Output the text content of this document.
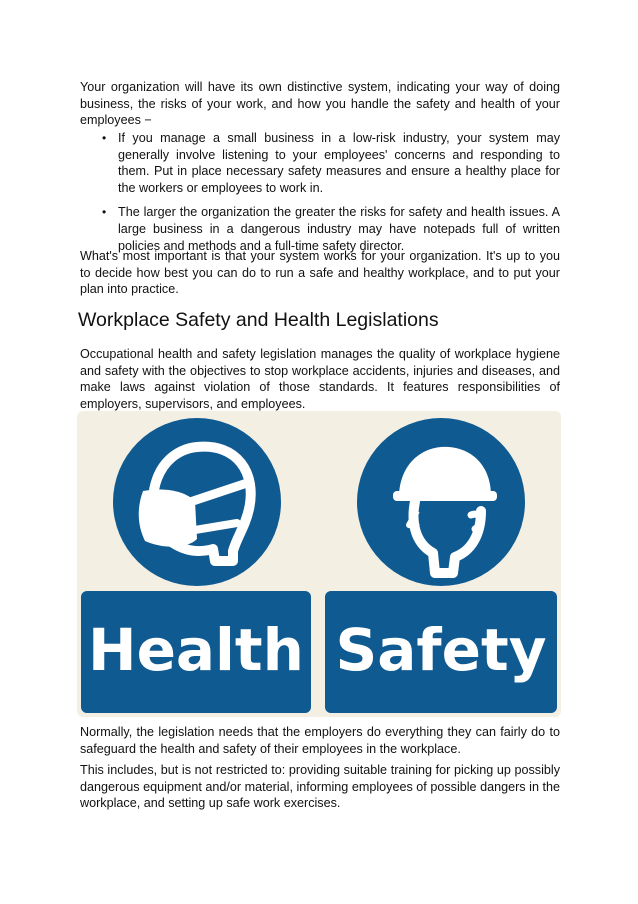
Your organization will have its own distinctive system, indicating your way of doing business, the risks of your work, and how you handle the safety and health of your employees −

• If you manage a small business in a low-risk industry, your system may generally involve listening to your employees' concerns and responding to them. Put in place necessary safety measures and ensure a healthy place for the workers or employees to work in.
• The larger the organization the greater the risks for safety and health issues. A large business in a dangerous industry may have notepads full of written policies and methods and a full-time safety director.

What's most important is that your system works for your organization. It's up to you to decide how best you can do to run a safe and healthy workplace, and to put your plan into practice.

Workplace Safety and Health Legislations

Occupational health and safety legislation manages the quality of workplace hygiene and safety with the objectives to stop workplace accidents, injuries and diseases, and make laws against violation of those standards. It features responsibilities of employers, supervisors, and employees.

Health Safety

Normally, the legislation needs that the employers do everything they can fairly do to safeguard the health and safety of their employees in the workplace.

This includes, but is not restricted to: providing suitable training for picking up possibly dangerous equipment and/or material, informing employees of possible dangers in the workplace, and setting up safe work exercises.
